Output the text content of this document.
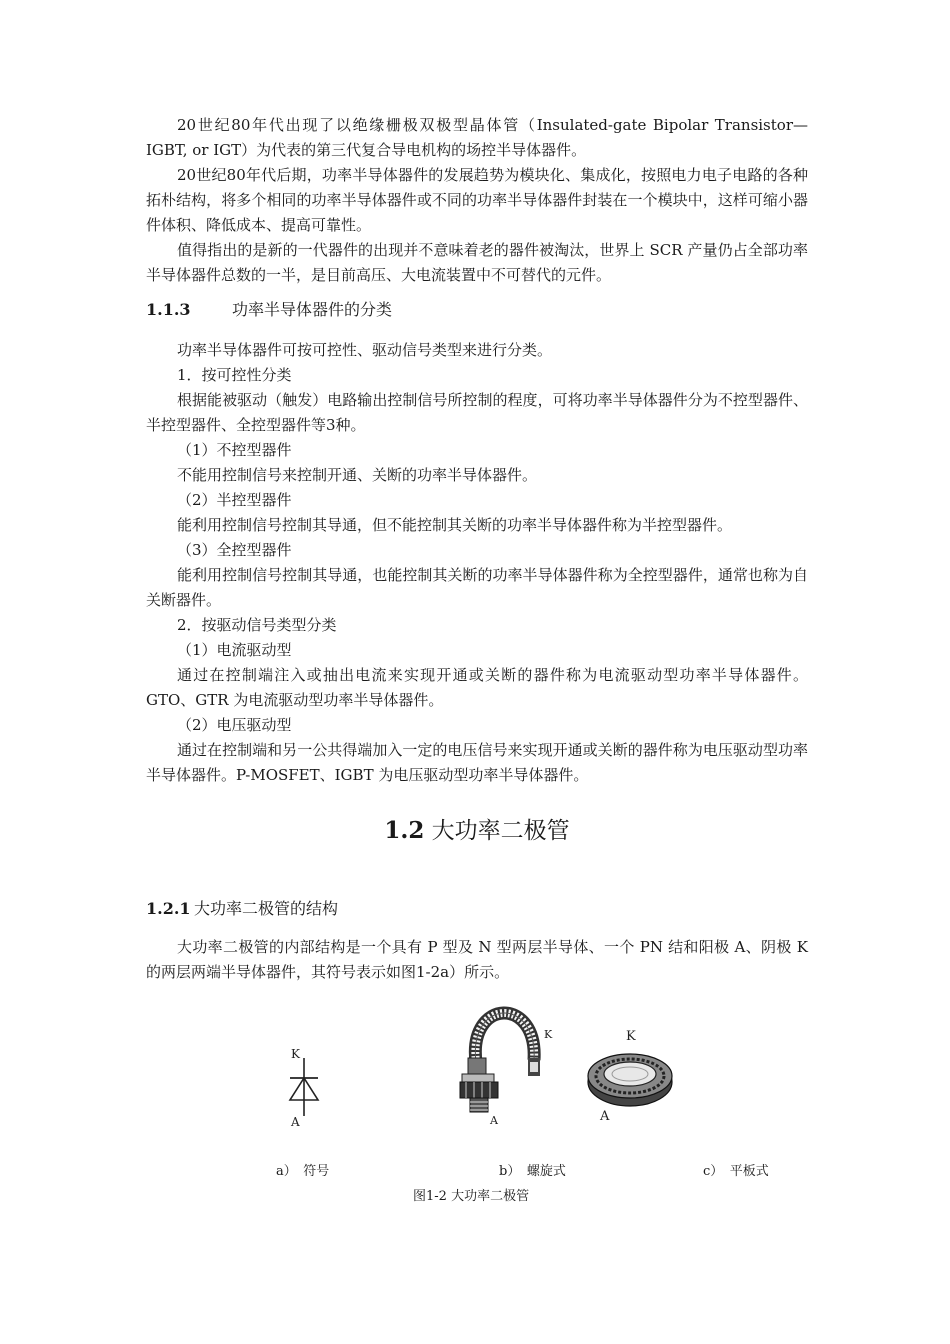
20世纪80年代出现了以绝缘栅极双极型晶体管（Insulated-gate Bipolar Transistor—IGBT, or IGT）为代表的第三代复合导电机构的场控半导体器件。

20世纪80年代后期，功率半导体器件的发展趋势为模块化、集成化，按照电力电子电路的各种拓朴结构，将多个相同的功率半导体器件或不同的功率半导体器件封装在一个模块中，这样可缩小器件体积、降低成本、提高可靠性。

值得指出的是新的一代器件的出现并不意味着老的器件被淘汰，世界上 SCR 产量仍占全部功率半导体器件总数的一半，是目前高压、大电流装置中不可替代的元件。

1.1.3	功率半导体器件的分类

功率半导体器件可按可控性、驱动信号类型来进行分类。

1．按可控性分类

根据能被驱动（触发）电路输出控制信号所控制的程度，可将功率半导体器件分为不控型器件、半控型器件、全控型器件等3种。

（1）不控型器件

不能用控制信号来控制开通、关断的功率半导体器件。

（2）半控型器件

能利用控制信号控制其导通，但不能控制其关断的功率半导体器件称为半控型器件。

（3）全控型器件

能利用控制信号控制其导通，也能控制其关断的功率半导体器件称为全控型器件，通常也称为自关断器件。

2．按驱动信号类型分类

（1）电流驱动型

通过在控制端注入或抽出电流来实现开通或关断的器件称为电流驱动型功率半导体器件。GTO、GTR 为电流驱动型功率半导体器件。

（2）电压驱动型

通过在控制端和另一公共得端加入一定的电压信号来实现开通或关断的器件称为电压驱动型功率半导体器件。P-MOSFET、IGBT 为电压驱动型功率半导体器件。

1.2 大功率二极管

1.2.1 大功率二极管的结构

大功率二极管的内部结构是一个具有 P 型及 N 型两层半导体、一个 PN 结和阳极 A、阴极 K 的两层两端半导体器件，其符号表示如图1-2a）所示。

K
A
K
A
K
A
a）　符号	b）　螺旋式	c）　平板式
图1-2 大功率二极管
